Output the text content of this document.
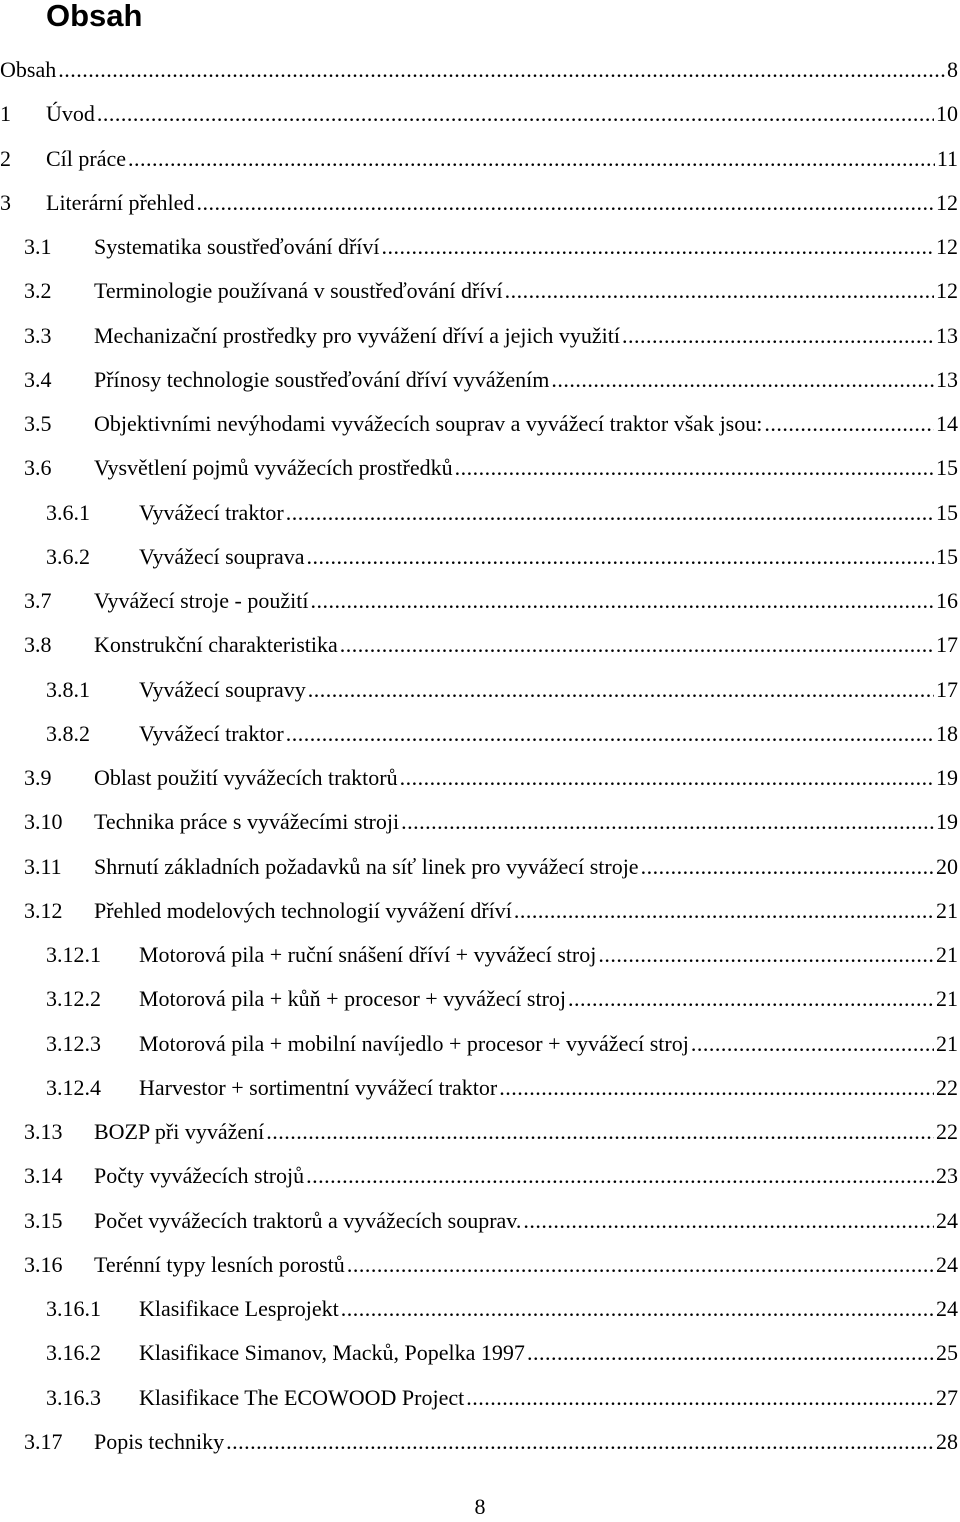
Obsah
Obsah .....	8
1	Úvod .....	10
2	Cíl práce .....	11
3	Literární přehled .....	12
3.1	Systematika soustřeďování dříví .....	12
3.2	Terminologie používaná v soustřeďování dříví .....	12
3.3	Mechanizační prostředky pro vyvážení dříví a jejich využití .....	13
3.4	Přínosy technologie soustřeďování dříví vyvážením .....	13
3.5	Objektivními nevýhodami vyvážecích souprav a vyvážecí traktor však jsou: .....	14
3.6	Vysvětlení pojmů vyvážecích prostředků .....	15
3.6.1	Vyvážecí traktor .....	15
3.6.2	Vyvážecí souprava .....	15
3.7	Vyvážecí stroje - použití .....	16
3.8	Konstrukční charakteristika .....	17
3.8.1	Vyvážecí soupravy .....	17
3.8.2	Vyvážecí traktor .....	18
3.9	Oblast použití vyvážecích traktorů .....	19
3.10	Technika práce s vyvážecími stroji .....	19
3.11	Shrnutí základních požadavků na síť linek pro vyvážecí stroje .....	20
3.12	Přehled modelových technologií vyvážení dříví .....	21
3.12.1	Motorová pila + ruční snášení dříví + vyvážecí stroj .....	21
3.12.2	Motorová pila + kůň + procesor + vyvážecí stroj .....	21
3.12.3	Motorová pila + mobilní navíjedlo + procesor + vyvážecí stroj .....	21
3.12.4	Harvestor + sortimentní vyvážecí traktor .....	22
3.13	BOZP při vyvážení .....	22
3.14	Počty vyvážecích strojů .....	23
3.15	Počet vyvážecích traktorů a vyvážecích souprav. .....	24
3.16	Terénní typy lesních porostů .....	24
3.16.1	Klasifikace Lesprojekt .....	24
3.16.2	Klasifikace Simanov, Macků, Popelka 1997 .....	25
3.16.3	Klasifikace The ECOWOOD Project .....	27
3.17	Popis techniky .....	28
8
